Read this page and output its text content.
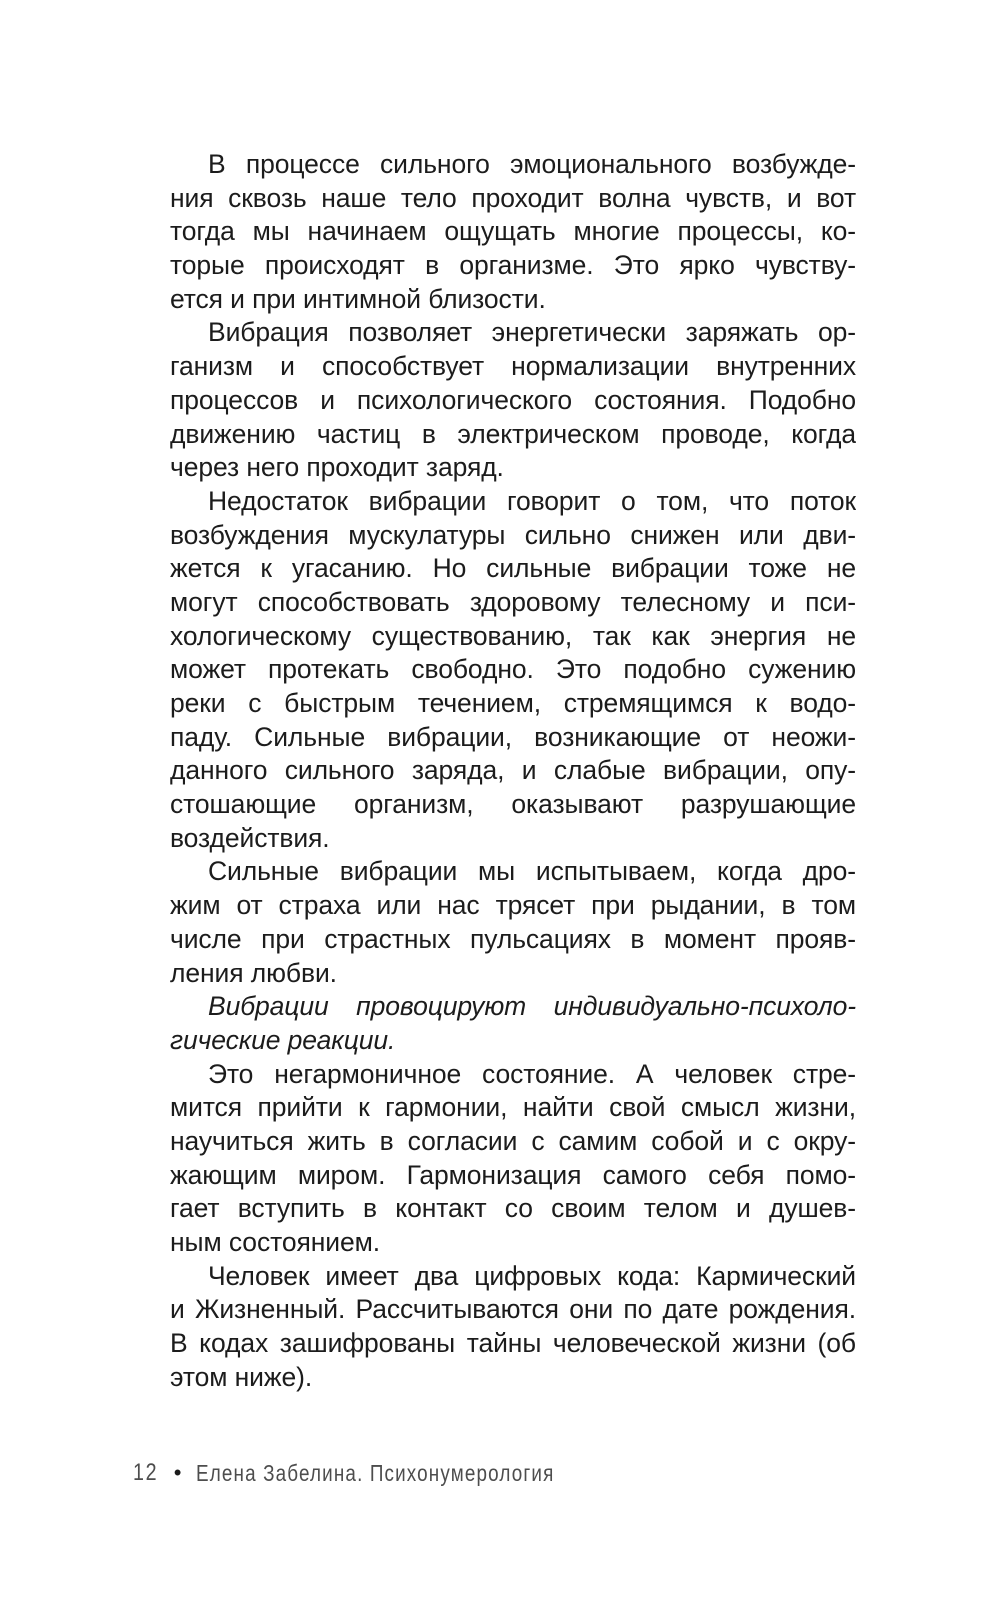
В процессе сильного эмоционального возбужде-
ния сквозь наше тело проходит волна чувств, и вот
тогда мы начинаем ощущать многие процессы, ко-
торые происходят в организме. Это ярко чувству-
ется и при интимной близости.
Вибрация позволяет энергетически заряжать ор-
ганизм и способствует нормализации внутренних
процессов и психологического состояния. Подобно
движению частиц в электрическом проводе, когда
через него проходит заряд.
Недостаток вибрации говорит о том, что поток
возбуждения мускулатуры сильно снижен или дви-
жется к угасанию. Но сильные вибрации тоже не
могут способствовать здоровому телесному и пси-
хологическому существованию, так как энергия не
может протекать свободно. Это подобно сужению
реки с быстрым течением, стремящимся к водо-
паду. Сильные вибрации, возникающие от неожи-
данного сильного заряда, и слабые вибрации, опу-
стошающие организм, оказывают разрушающие
воздействия.
Сильные вибрации мы испытываем, когда дро-
жим от страха или нас трясет при рыдании, в том
числе при страстных пульсациях в момент прояв-
ления любви.
Вибрации провоцируют индивидуально-психоло-
гические реакции.
Это негармоничное состояние. А человек стре-
мится прийти к гармонии, найти свой смысл жизни,
научиться жить в согласии с самим собой и с окру-
жающим миром. Гармонизация самого себя помо-
гает вступить в контакт со своим телом и душев-
ным состоянием.
Человек имеет два цифровых кода: Кармический
и Жизненный. Рассчитываются они по дате рождения.
В кодах зашифрованы тайны человеческой жизни (об
этом ниже).
12 • Елена Забелина. Психонумерология
